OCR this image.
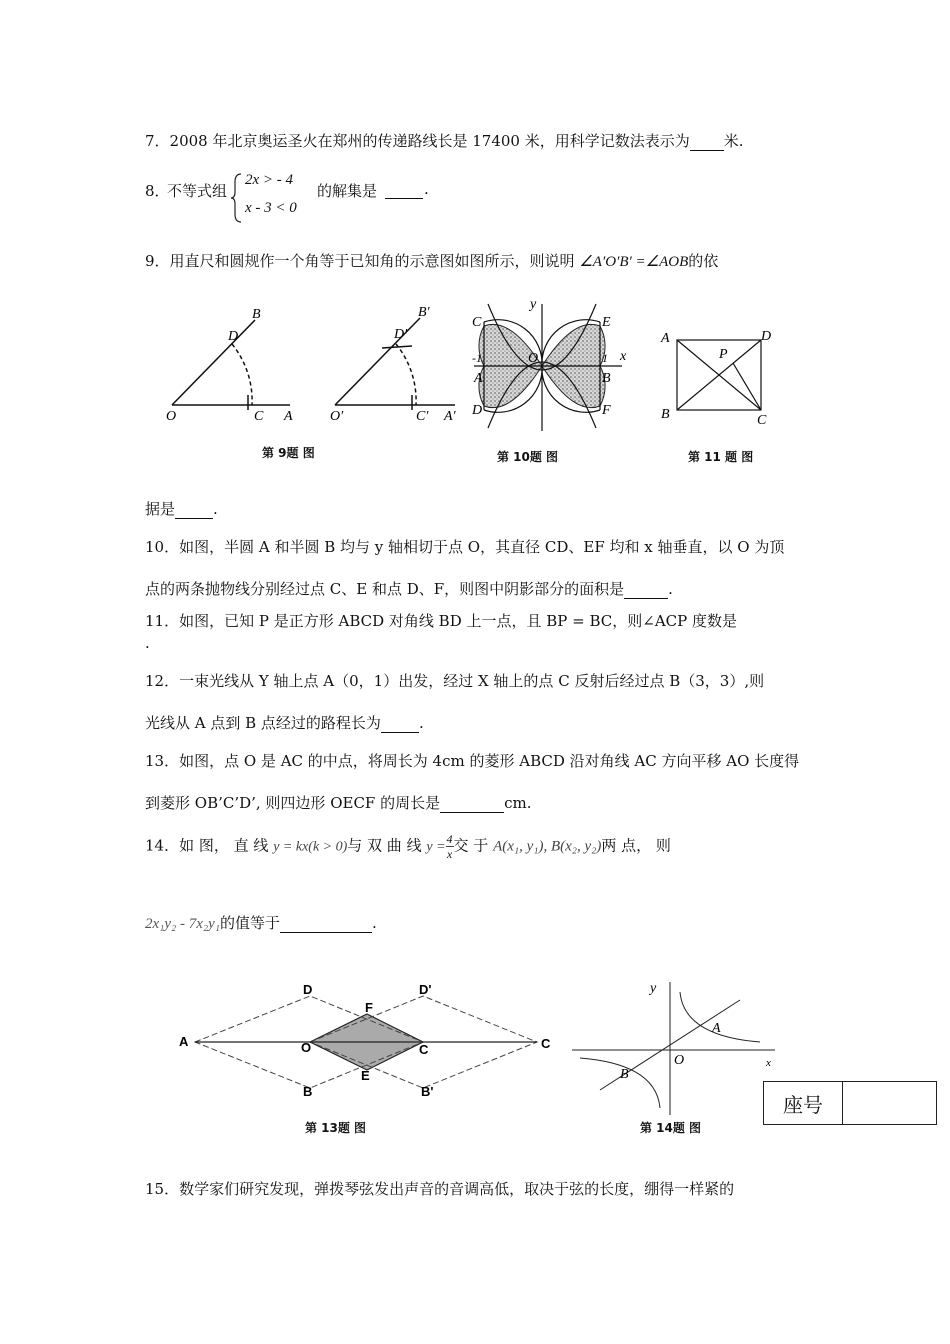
7．2008 年北京奥运圣火在郑州的传递路线长是 17400 米，用科学记数法表示为 米.
8．
不等式组
2x > - 4
x - 3 < 0
的解集是
	.
9．用直尺和圆规作一个角等于已知角的示意图如图所示，则说明 ∠A′O′B′ =∠AOB的依
B
D
O	C A
B′
D′
O′	C′ A′
第 9题 图
y
x
C	E
O
-1	1
A	B
D	F
第 10题 图
A	D
P
B	C
第 11 题 图
据是	.
10．如图，半圆 A 和半圆 B 均与 y 轴相切于点 O，其直径 CD、EF 均和 x 轴垂直，以 O 为顶
点的两条抛物线分别经过点 C、E 和点 D、F，则图中阴影部分的面积是	.
11．如图，已知 P 是正方形 ABCD 对角线 BD 上一点，且 BP = BC，则∠ACP 度数是
.
12．一束光线从 Y 轴上点 A（0，1）出发，经过 X 轴上的点 C 反射后经过点 B（3，3）,则
光线从 A 点到 B 点经过的路程长为	.
13．如图，点 O 是 AC 的中点，将周长为 4cm 的菱形 ABCD 沿对角线 AC 方向平移 AO 长度得
到菱形 OB’C’D’, 则四边形 OECF 的周长是	cm.
14．如 图， 直 线 y = kx(k > 0)与 双 曲 线 $y = \frac{4}{x}$ 交 于 A(x₁, y₁), B(x₂, y₂)两 点， 则
2x₁y₂ - 7x₂y₁的值等于	.
D	D'
F
A	O	C	C
B
E
B'
第 13题 图
y
x
O
A
B
第 14题 图
座号
15．数学家们研究发现，弹拨琴弦发出声音的音调高低，取决于弦的长度，绷得一样紧的
